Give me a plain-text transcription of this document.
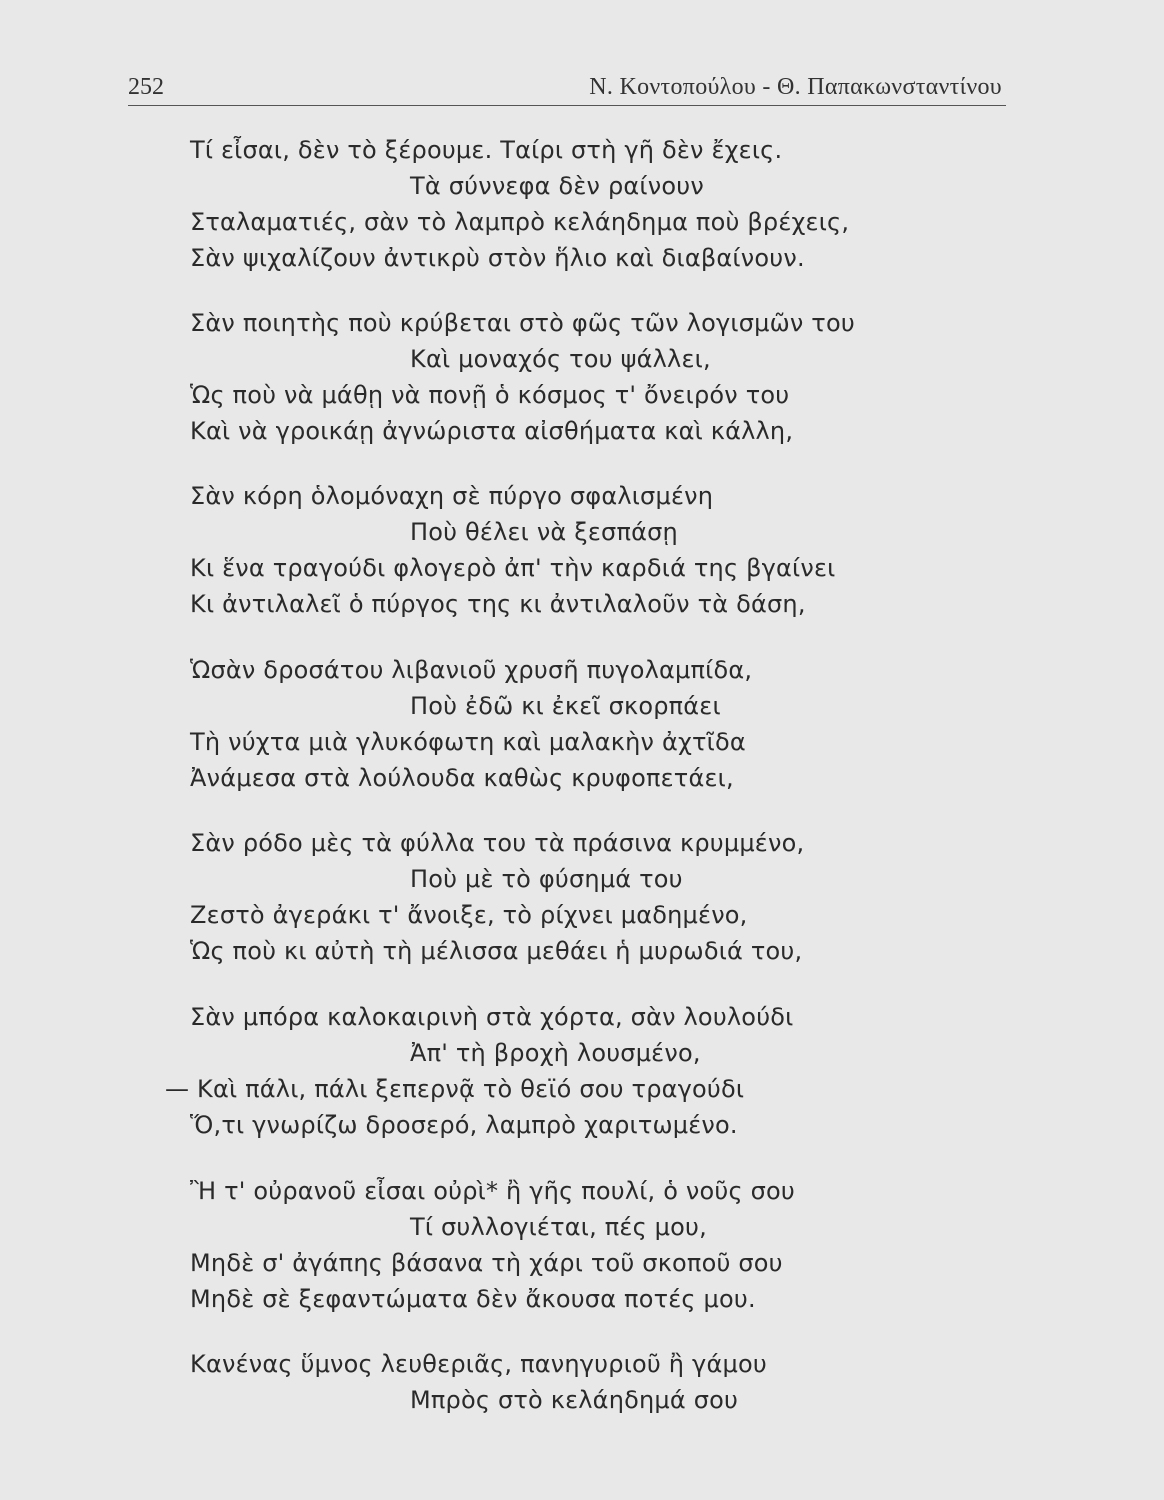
252	Ν. Κοντοπούλου - Θ. Παπακωνσταντίνου
Τί εἶσαι, δὲν τὸ ξέρουμε. Ταίρι στὴ γῆ δὲν ἔχεις.
Τὰ σύννεφα δὲν ραίνουν
Σταλαματιές, σὰν τὸ λαμπρὸ κελάηδημα ποὺ βρέχεις,
Σὰν ψιχαλίζουν ἀντικρὺ στὸν ἥλιο καὶ διαβαίνουν.
Σὰν ποιητὴς ποὺ κρύβεται στὸ φῶς τῶν λογισμῶν του
Καὶ μοναχός του ψάλλει,
Ὡς ποὺ νὰ μάθῃ νὰ πονῇ ὁ κόσμος τ' ὄνειρόν του
Καὶ νὰ γροικάῃ ἀγνώριστα αἰσθήματα καὶ κάλλη,
Σὰν κόρη ὁλομόναχη σὲ πύργο σφαλισμένη
Ποὺ θέλει νὰ ξεσπάσῃ
Κι ἕνα τραγούδι φλογερὸ ἀπ' τὴν καρδιά της βγαίνει
Κι ἀντιλαλεῖ ὁ πύργος της κι ἀντιλαλοῦν τὰ δάση,
Ὡσὰν δροσάτου λιβανιοῦ χρυσῆ πυγολαμπίδα,
Ποὺ ἐδῶ κι ἐκεῖ σκορπάει
Τὴ νύχτα μιὰ γλυκόφωτη καὶ μαλακὴν ἀχτῖδα
Ἀνάμεσα στὰ λούλουδα καθὼς κρυφοπετάει,
Σὰν ρόδο μὲς τὰ φύλλα του τὰ πράσινα κρυμμένο,
Ποὺ μὲ τὸ φύσημά του
Ζεστὸ ἀγεράκι τ' ἄνοιξε, τὸ ρίχνει μαδημένο,
Ὡς ποὺ κι αὐτὴ τὴ μέλισσα μεθάει ἡ μυρωδιά του,
Σὰν μπόρα καλοκαιρινὴ στὰ χόρτα, σὰν λουλούδι
Ἀπ' τὴ βροχὴ λουσμένο,
— Καὶ πάλι, πάλι ξεπερνᾷ τὸ θεϊό σου τραγούδι
Ὅ,τι γνωρίζω δροσερό, λαμπρὸ χαριτωμένο.
Ἢ τ' οὐρανοῦ εἶσαι οὐρὶ* ἢ γῆς πουλί, ὁ νοῦς σου
Τί συλλογιέται, πές μου,
Μηδὲ σ' ἀγάπης βάσανα τὴ χάρι τοῦ σκοποῦ σου
Μηδὲ σὲ ξεφαντώματα δὲν ἄκουσα ποτές μου.
Κανένας ὕμνος λευθεριᾶς, πανηγυριοῦ ἢ γάμου
Μπρὸς στὸ κελάηδημά σου
